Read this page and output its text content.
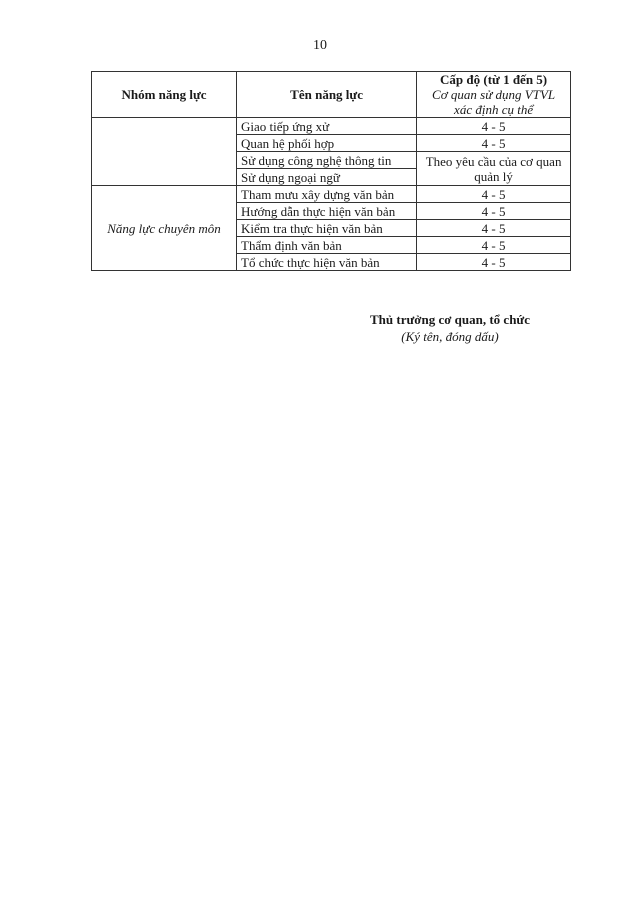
10
Nhóm năng lực	Tên năng lực	Cấp độ (từ 1 đến 5)
Cơ quan sử dụng VTVL
xác định cụ thể

	Giao tiếp ứng xử	4 - 5
	Quan hệ phối hợp	4 - 5
	Sử dụng công nghệ thông tin	Theo yêu cầu của cơ quan quản lý
	Sử dụng ngoại ngữ	
Năng lực chuyên môn	Tham mưu xây dựng văn bản	4 - 5
	Hướng dẫn thực hiện văn bản	4 - 5
	Kiểm tra thực hiện văn bản	4 - 5
	Thẩm định văn bản	4 - 5
	Tổ chức thực hiện văn bản	4 - 5
Thủ trưởng cơ quan, tổ chức
(Ký tên, đóng dấu)
